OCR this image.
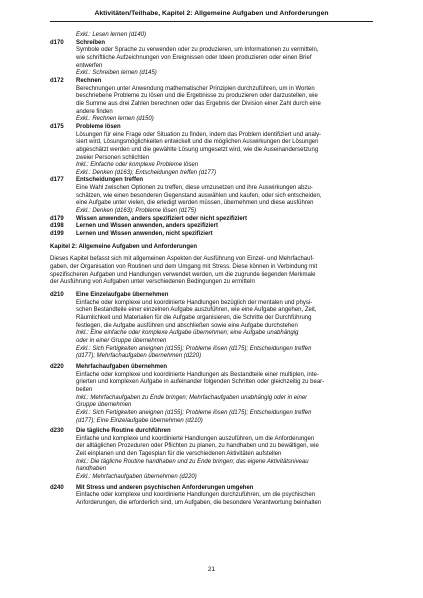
Aktivitäten/Teilhabe, Kapitel 2: Allgemeine Aufgaben und Anforderungen
Exkl.: Lesen lernen (d140)
d170	Schreiben
Symbole oder Sprache zu verwenden oder zu produzieren, um Informationen zu vermitteln,
wie schriftliche Aufzeichnungen von Ereignissen oder Ideen produzieren oder einen Brief
entwerfen
Exkl.: Schreiben lernen (d145)
d172	Rechnen
Berechnungen unter Anwendung mathematischer Prinzipien durchzuführen, um in Worten
beschriebene Probleme zu lösen und die Ergebnisse zu produzieren oder darzustellen, wie
die Summe aus drei Zahlen berechnen oder das Ergebnis der Division einer Zahl durch eine
andere finden
Exkl.: Rechnen lernen (d150)
d175	Probleme lösen
Lösungen für eine Frage oder Situation zu finden, indem das Problem identifiziert und analy-
siert wird, Lösungsmöglichkeiten entwickelt und die möglichen Auswirkungen der Lösungen
abgeschätzt werden und die gewählte Lösung umgesetzt wird, wie die Auseinandersetzung
zweier Personen schlichten
Inkl.: Einfache oder komplexe Probleme lösen
Exkl.: Denken (d163); Entscheidungen treffen (d177)
d177	Entscheidungen treffen
Eine Wahl zwischen Optionen zu treffen, diese umzusetzen und ihre Auswirkungen abzu-
schätzen, wie einen besonderen Gegenstand auswählen und kaufen, oder sich entscheiden,
eine Aufgabe unter vielen, die erledigt werden müssen, übernehmen und diese ausführen
Exkl.: Denken (d163); Probleme lösen (d175)
d179	Wissen anwenden, anders spezifiziert oder nicht spezifiziert
d198	Lernen und Wissen anwenden, anders spezifiziert
d199	Lernen und Wissen anwenden, nicht spezifiziert
Kapitel 2: Allgemeine Aufgaben und Anforderungen
Dieses Kapitel befasst sich mit allgemeinen Aspekten der Ausführung von Einzel- und Mehrfachauf-
gaben, der Organisation von Routinen und dem Umgang mit Stress. Diese können in Verbindung mit
spezifischeren Aufgaben und Handlungen verwendet werden, um die zugrunde liegenden Merkmale
der Ausführung von Aufgaben unter verschiedenen Bedingungen zu ermitteln
d210	Eine Einzelaufgabe übernehmen
Einfache oder komplexe und koordinierte Handlungen bezüglich der mentalen und physi-
schen Bestandteile einer einzelnen Aufgabe auszuführen, wie eine Aufgabe angehen, Zeit,
Räumlichkeit und Materialien für die Aufgabe organisieren, die Schritte der Durchführung
festlegen, die Aufgabe ausführen und abschließen sowie eine Aufgabe durchstehen
Inkl.: Eine einfache oder komplexe Aufgabe übernehmen; eine Aufgabe unabhängig
oder in einer Gruppe übernehmen
Exkl.: Sich Fertigkeiten aneignen (d155); Probleme lösen (d175); Entscheidungen treffen
(d177); Mehrfachaufgaben übernehmen (d220)
d220	Mehrfachaufgaben übernehmen
Einfache oder komplexe und koordinierte Handlungen als Bestandteile einer multiplen, inte-
grierten und komplexen Aufgabe in aufeinander folgenden Schritten oder gleichzeitig zu bear-
beiten
Inkl.: Mehrfachaufgaben zu Ende bringen; Mehrfachaufgaben unabhängig oder in einer
Gruppe übernehmen
Exkl.: Sich Fertigkeiten aneignen (d155); Probleme lösen (d175); Entscheidungen treffen
(d177); Eine Einzelaufgabe übernehmen (d210)
d230	Die tägliche Routine durchführen
Einfache und komplexe und koordinierte Handlungen auszuführen, um die Anforderungen
der alltäglichen Prozeduren oder Pflichten zu planen, zu handhaben und zu bewältigen, wie
Zeit einplanen und den Tagesplan für die verschiedenen Aktivitäten aufstellen
Inkl.: Die tägliche Routine handhaben und zu Ende bringen; das eigene Aktivitätsniveau
handhaben
Exkl.: Mehrfachaufgaben übernehmen (d220)
d240	Mit Stress und anderen psychischen Anforderungen umgehen
Einfache oder komplexe und koordinierte Handlungen durchzuführen, um die psychischen
Anforderungen, die erforderlich sind, um Aufgaben, die besondere Verantwortung beinhalten
21
